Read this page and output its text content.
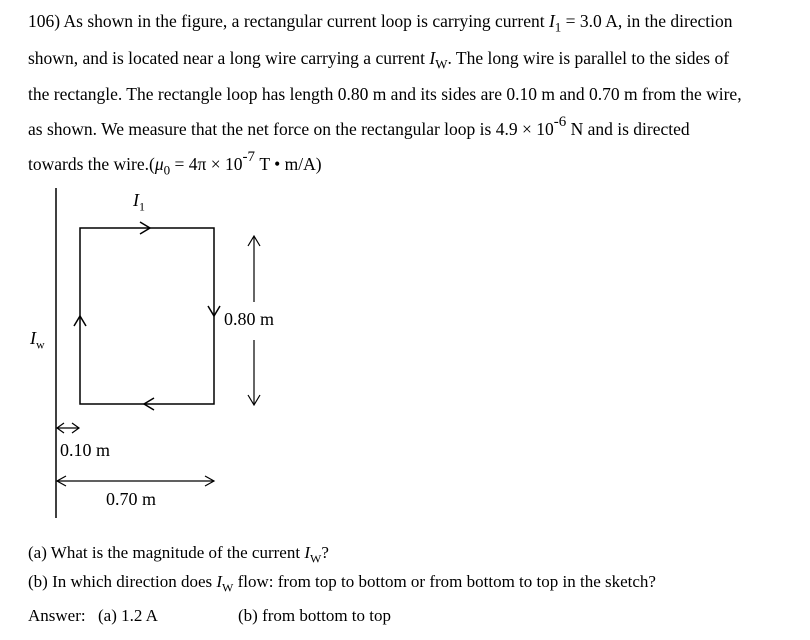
106) As shown in the figure, a rectangular current loop is carrying current $I_1 = 3.0$ A, in the direction

shown, and is located near a long wire carrying a current $I_W$. The long wire is parallel to the sides of

the rectangle. The rectangle loop has length 0.80 m and its sides are 0.10 m and 0.70 m from the wire,

as shown. We measure that the net force on the rectangular loop is $4.9 \times 10^{-6}$ N and is directed

towards the $wire.(\mu_0 = 4\pi \times 10^{-7}$ T • m/A)

$I_1$
$I_w$
0.80 m
0.10 m
0.70 m
(a) What is the magnitude of the current $I_W$?
(b) In which direction does $I_W$ flow: from top to bottom or from bottom to top in the sketch?
Answer: (a) 1.2 A	(b) from bottom to top
